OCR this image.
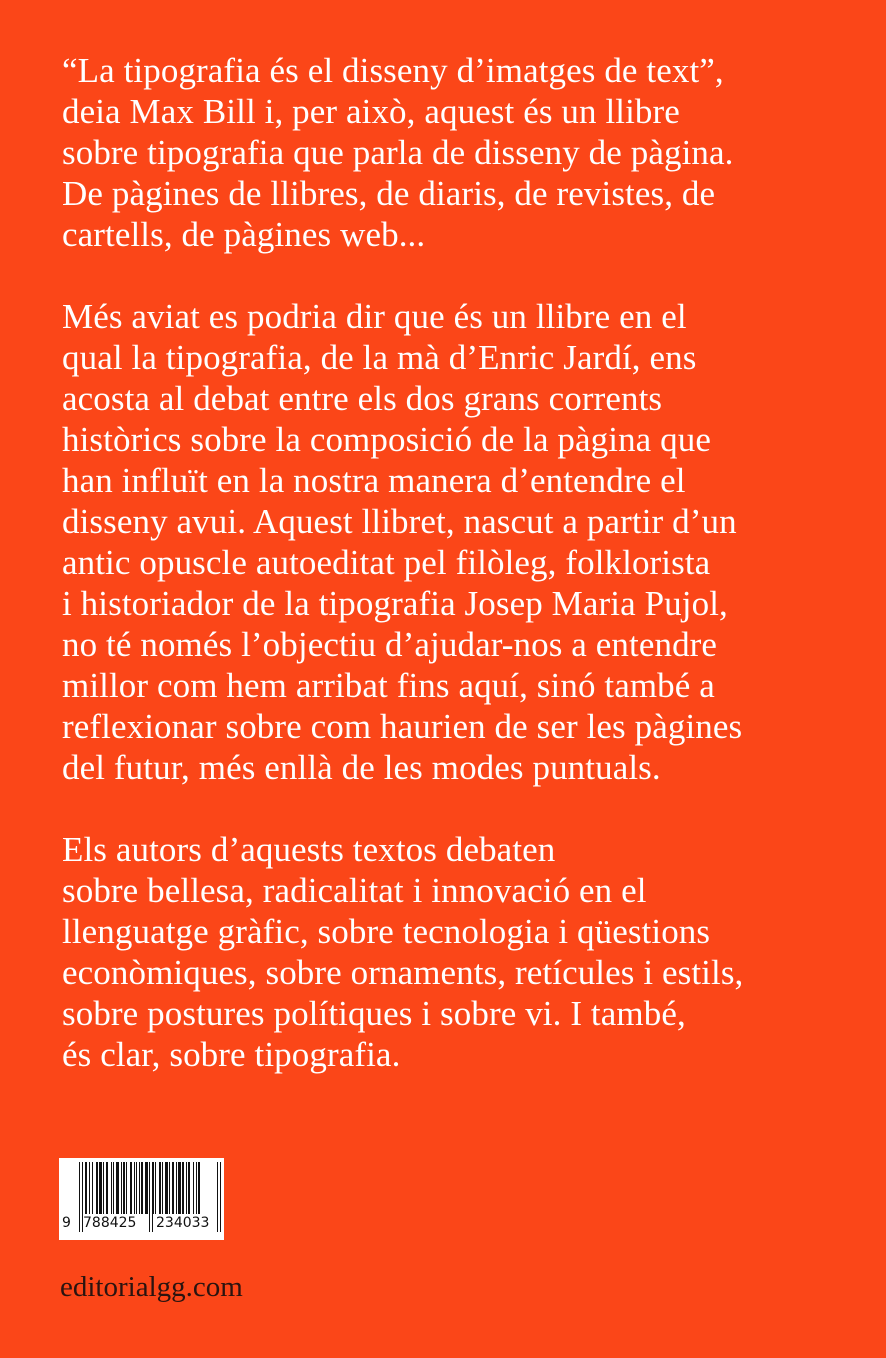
“La tipografia és el disseny d’imatges de text”,
deia Max Bill i, per això, aquest és un llibre
sobre tipografia que parla de disseny de pàgina.
De pàgines de llibres, de diaris, de revistes, de
cartells, de pàgines web...
Més aviat es podria dir que és un llibre en el
qual la tipografia, de la mà d’Enric Jardí, ens
acosta al debat entre els dos grans corrents
històrics sobre la composició de la pàgina que
han influït en la nostra manera d’entendre el
disseny avui. Aquest llibret, nascut a partir d’un
antic opuscle autoeditat pel filòleg, folklorista
i historiador de la tipografia Josep Maria Pujol,
no té només l’objectiu d’ajudar-nos a entendre
millor com hem arribat fins aquí, sinó també a
reflexionar sobre com haurien de ser les pàgines
del futur, més enllà de les modes puntuals.
Els autors d’aquests textos debaten
sobre bellesa, radicalitat i innovació en el
llenguatge gràfic, sobre tecnologia i qüestions
econòmiques, sobre ornaments, retícules i estils,
sobre postures polítiques i sobre vi. I també,
és clar, sobre tipografia.
9 788425 234033
editorialgg.com
